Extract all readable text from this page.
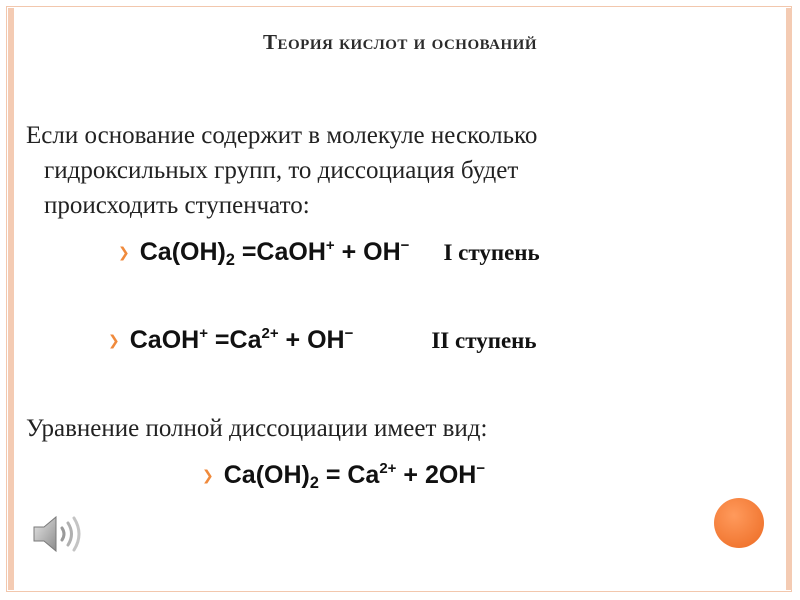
Теория кислот и оснований
Если основание содержит в молекуле несколько
гидроксильных групп, то диссоциация будет
происходить ступенчато:
❯ $Ca(OH)_2$ =CaOH+ + OH− I ступень
❯ CaOH+ $=Ca^{2+} + OH^-$	II ступень
Уравнение полной диссоциации имеет вид:
❯ $Ca(OH)_2 = Ca^{2+} + 2OH^-$
